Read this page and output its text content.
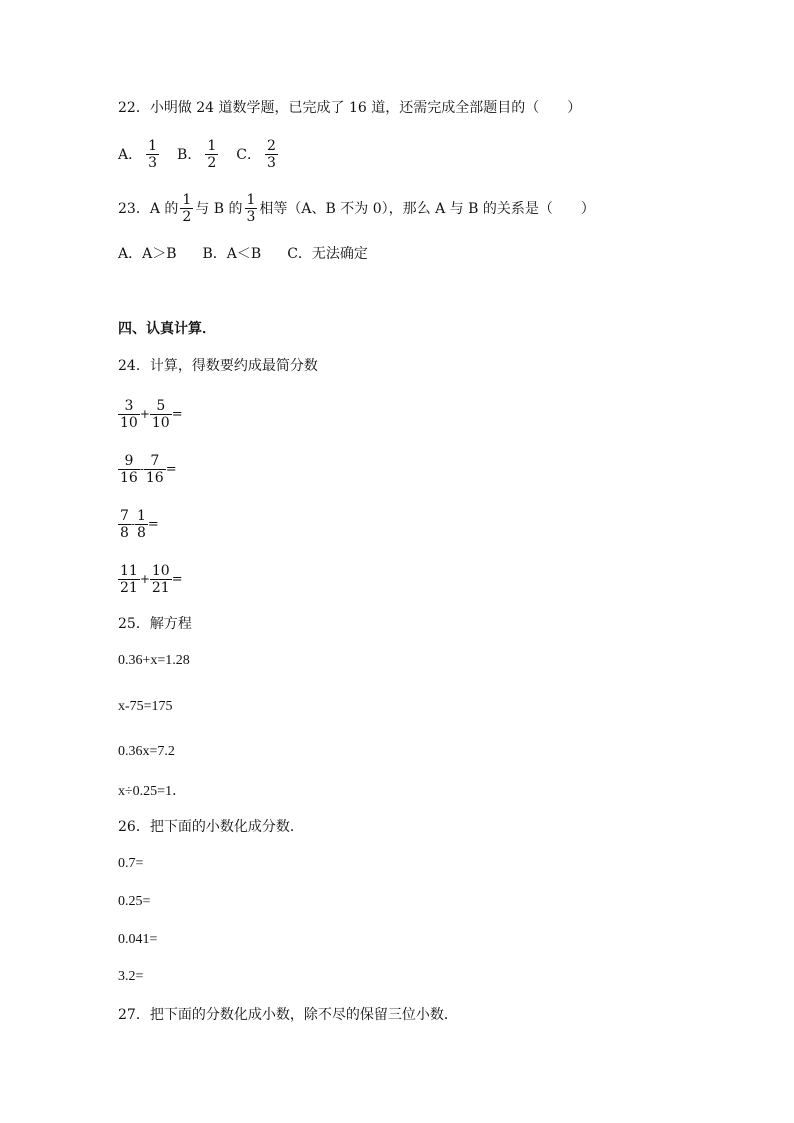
22．小明做 24 道数学题，已完成了 16 道，还需完成全部题目的（　　）
A． $\frac{1}{3}$ B． $\frac{1}{2}$ C． $\frac{2}{3}$
23．A 的 $\frac{1}{2}$ 与 B 的 $\frac{1}{3}$ 相等（A、B 不为 0），那么 A 与 B 的关系是（　　）
A．A＞B B．A＜B C．无法确定
四、认真计算．
24．计算，得数要约成最简分数
$\frac{3}{10} + \frac{5}{10}$ =
$\frac{9}{16} - \frac{7}{16}$ =
$\frac{7}{8} - \frac{1}{8}$ =
$\frac{11}{21} + \frac{10}{21}$ =
25．解方程
0.36+x=1.28
x-75=175
0.36x=7.2
x÷0.25=1．
26．把下面的小数化成分数．
0.7=
0.25=
0.041=
3.2=
27．把下面的分数化成小数，除不尽的保留三位小数．
